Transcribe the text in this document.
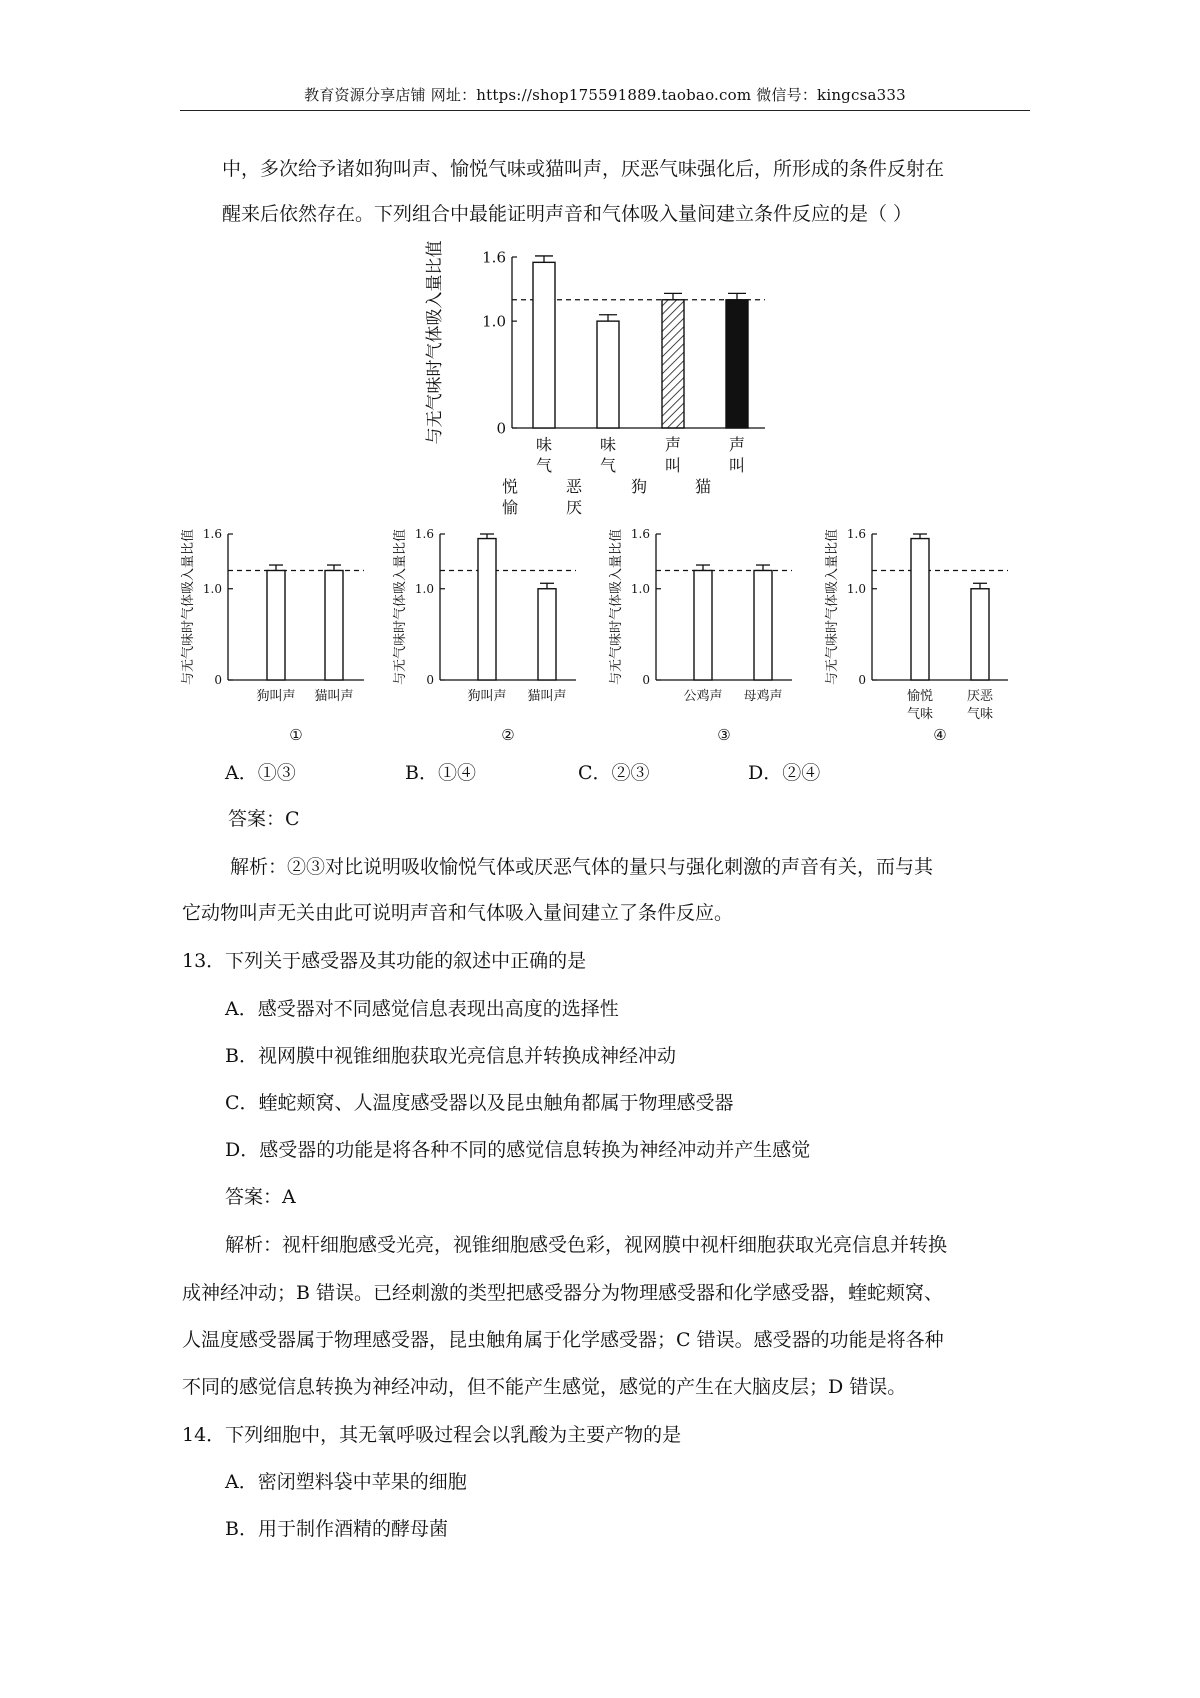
教育资源分享店铺 网址：https://shop175591889.taobao.com 微信号：kingcsa333
中，多次给予诸如狗叫声、愉悦气味或猫叫声，厌恶气味强化后，所形成的条件反射在
醒来后依然存在。下列组合中最能证明声音和气体吸入量间建立条件反应的是（ ）
0
1.0
1.6
与无气味时气体吸入量比值	味
气
悦
愉
味
气
恶
厌
声
叫
狗
声
叫
猫
0
1.0
1.6
与无气味时气体吸入量比值
狗叫声 猫叫声
①
0
1.0
1.6
与无气味时气体吸入量比值
狗叫声 猫叫声
②
0
1.0
1.6
与无气味时气体吸入量比值
公鸡声 母鸡声
③
0
1.0
1.6
与无气味时气体吸入量比值
愉悦
气味
厌恶
气味
④
A．①③	B．①④	C．②③	D．②④
答案：C
解析：②③对比说明吸收愉悦气体或厌恶气体的量只与强化刺激的声音有关，而与其
它动物叫声无关由此可说明声音和气体吸入量间建立了条件反应。
13．下列关于感受器及其功能的叙述中正确的是
A．感受器对不同感觉信息表现出高度的选择性
B．视网膜中视锥细胞获取光亮信息并转换成神经冲动
C．蝰蛇颊窝、人温度感受器以及昆虫触角都属于物理感受器
D．感受器的功能是将各种不同的感觉信息转换为神经冲动并产生感觉
答案：A
解析：视杆细胞感受光亮，视锥细胞感受色彩，视网膜中视杆细胞获取光亮信息并转换
成神经冲动；B 错误。已经刺激的类型把感受器分为物理感受器和化学感受器，蝰蛇颊窝、
人温度感受器属于物理感受器，昆虫触角属于化学感受器；C 错误。感受器的功能是将各种
不同的感觉信息转换为神经冲动，但不能产生感觉，感觉的产生在大脑皮层；D 错误。
14．下列细胞中，其无氧呼吸过程会以乳酸为主要产物的是
A．密闭塑料袋中苹果的细胞
B．用于制作酒精的酵母菌
